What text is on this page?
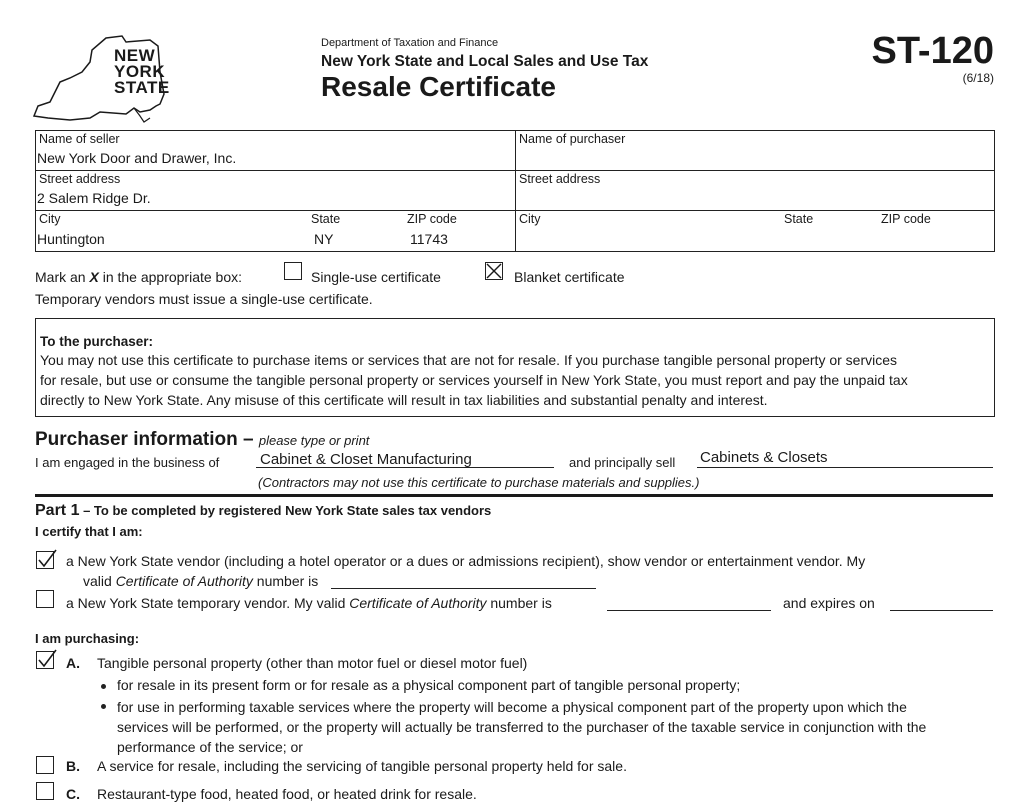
NEW
YORK
STATE
Department of Taxation and Finance
New York State and Local Sales and Use Tax
Resale Certificate
ST-120
(6/18)
Name of seller
New York Door and Drawer, Inc.
Street address
2 Salem Ridge Dr.
City
Huntington
State
NY
ZIP code
11743
Name of purchaser
Street address
City	State	ZIP code
Mark an X in the appropriate box:	Single-use certificate	Blanket certificate
Temporary vendors must issue a single-use certificate.
To the purchaser:
You may not use this certificate to purchase items or services that are not for resale. If you purchase tangible personal property or services
for resale, but use or consume the tangible personal property or services yourself in New York State, you must report and pay the unpaid tax
directly to New York State. Any misuse of this certificate will result in tax liabilities and substantial penalty and interest.
Purchaser information – please type or print
I am engaged in the business of	Cabinet & Closet Manufacturing	and principally sell Cabinets & Closets
(Contractors may not use this certificate to purchase materials and supplies.)
Part 1 – To be completed by registered New York State sales tax vendors
I certify that I am:
a New York State vendor (including a hotel operator or a dues or admissions recipient), show vendor or entertainment vendor. My
valid Certificate of Authority number is
a New York State temporary vendor. My valid Certificate of Authority number is	and expires on
I am purchasing:
A. Tangible personal property (other than motor fuel or diesel motor fuel)
for resale in its present form or for resale as a physical component part of tangible personal property;
for use in performing taxable services where the property will become a physical component part of the property upon which the
services will be performed, or the property will actually be transferred to the purchaser of the taxable service in conjunction with the
performance of the service; or
B. A service for resale, including the servicing of tangible personal property held for sale.
C. Restaurant-type food, heated food, or heated drink for resale.
